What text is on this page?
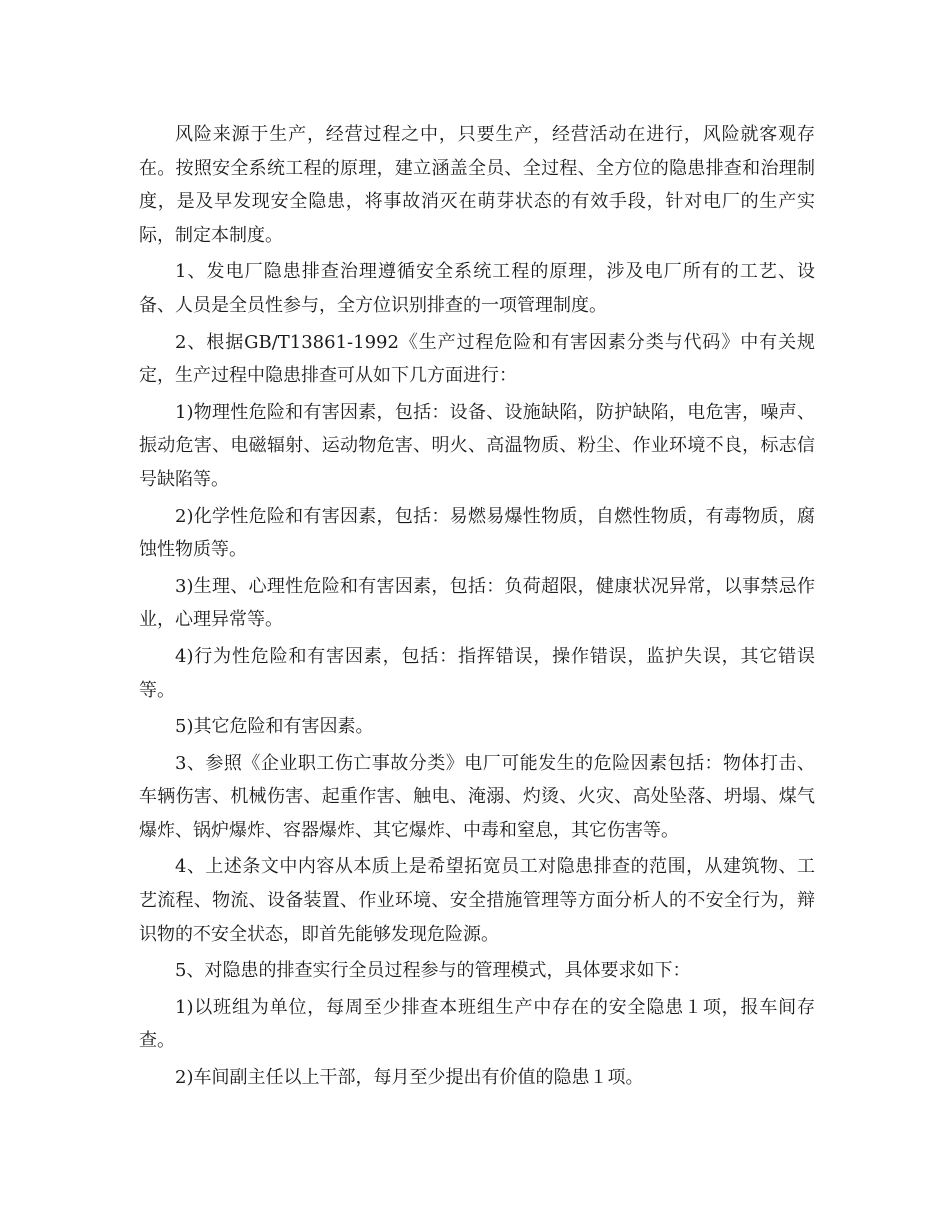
风险来源于生产，经营过程之中，只要生产，经营活动在进行，风险就客观存在。按照安全系统工程的原理，建立涵盖全员、全过程、全方位的隐患排查和治理制度，是及早发现安全隐患，将事故消灭在萌芽状态的有效手段，针对电厂的生产实际，制定本制度。

1、发电厂隐患排查治理遵循安全系统工程的原理，涉及电厂所有的工艺、设备、人员是全员性参与，全方位识别排查的一项管理制度。

2、根据GB/T13861-1992《生产过程危险和有害因素分类与代码》中有关规定，生产过程中隐患排查可从如下几方面进行：

1)物理性危险和有害因素，包括：设备、设施缺陷，防护缺陷，电危害，噪声、振动危害、电磁辐射、运动物危害、明火、高温物质、粉尘、作业环境不良，标志信号缺陷等。

2)化学性危险和有害因素，包括：易燃易爆性物质，自燃性物质，有毒物质，腐蚀性物质等。

3)生理、心理性危险和有害因素，包括：负荷超限，健康状况异常，以事禁忌作业，心理异常等。

4)行为性危险和有害因素，包括：指挥错误，操作错误，监护失误，其它错误等。

5)其它危险和有害因素。

3、参照《企业职工伤亡事故分类》电厂可能发生的危险因素包括：物体打击、车辆伤害、机械伤害、起重作害、触电、淹溺、灼烫、火灾、高处坠落、坍塌、煤气爆炸、锅炉爆炸、容器爆炸、其它爆炸、中毒和窒息，其它伤害等。

4、上述条文中内容从本质上是希望拓宽员工对隐患排查的范围，从建筑物、工艺流程、物流、设备装置、作业环境、安全措施管理等方面分析人的不安全行为，辩识物的不安全状态，即首先能够发现危险源。

5、对隐患的排查实行全员过程参与的管理模式，具体要求如下：

1)以班组为单位，每周至少排查本班组生产中存在的安全隐患１项，报车间存查。

2)车间副主任以上干部，每月至少提出有价值的隐患１项。
